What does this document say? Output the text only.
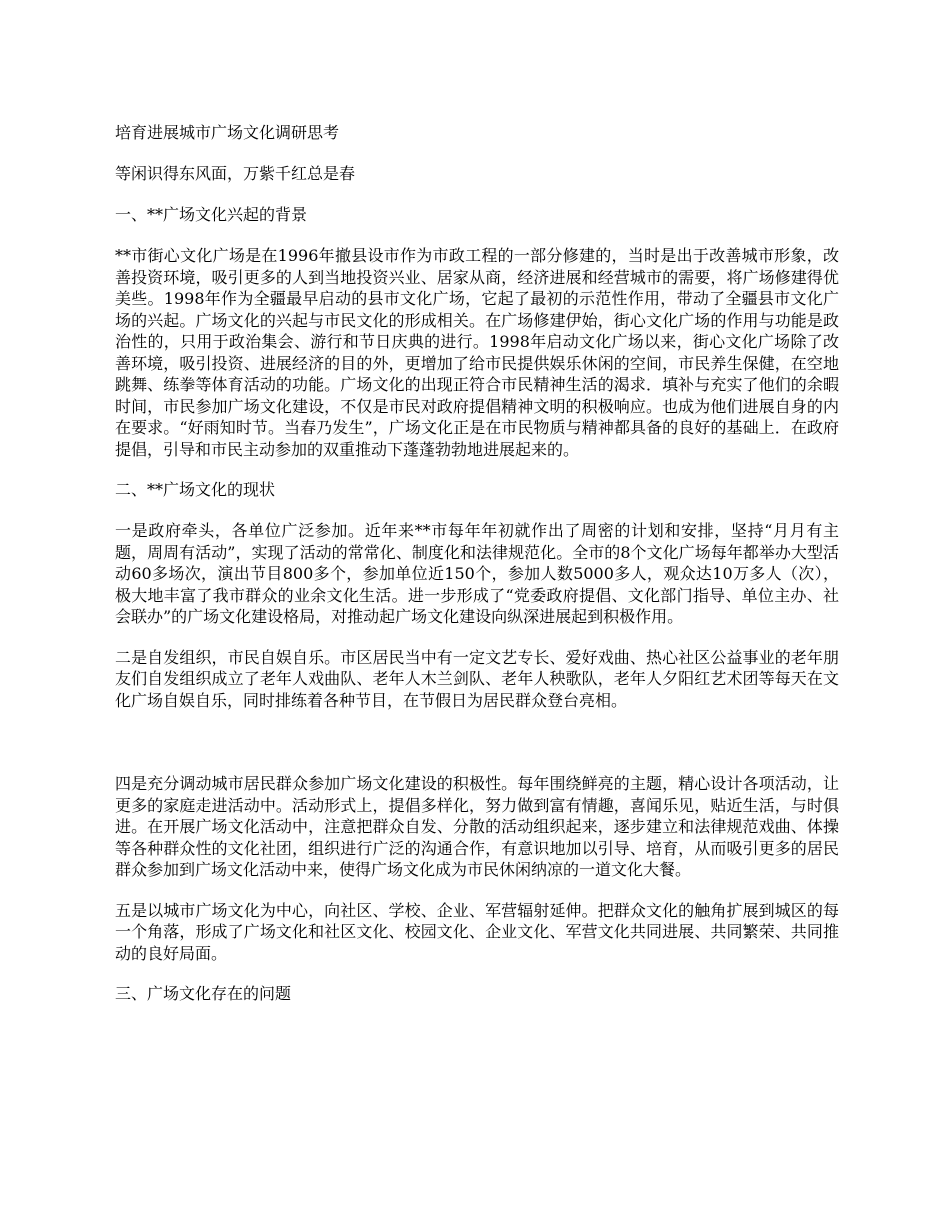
培育进展城市广场文化调研思考

等闲识得东风面，万紫千红总是春

一、**广场文化兴起的背景

**市街心文化广场是在1996年撤县设市作为市政工程的一部分修建的，当时是出于改善城市形象，改善投资环境，吸引更多的人到当地投资兴业、居家从商，经济进展和经营城市的需要，将广场修建得优美些。1998年作为全疆最早启动的县市文化广场，它起了最初的示范性作用，带动了全疆县市文化广场的兴起。广场文化的兴起与市民文化的形成相关。在广场修建伊始，街心文化广场的作用与功能是政治性的，只用于政治集会、游行和节日庆典的进行。1998年启动文化广场以来，街心文化广场除了改善环境，吸引投资、进展经济的目的外，更增加了给市民提供娱乐休闲的空间，市民养生保健，在空地跳舞、练拳等体育活动的功能。广场文化的出现正符合市民精神生活的渴求．填补与充实了他们的余暇时间，市民参加广场文化建设，不仅是市民对政府提倡精神文明的积极响应。也成为他们进展自身的内在要求。“好雨知时节。当春乃发生”，广场文化正是在市民物质与精神都具备的良好的基础上．在政府提倡，引导和市民主动参加的双重推动下蓬蓬勃勃地进展起来的。

二、**广场文化的现状

一是政府牵头，各单位广泛参加。近年来**市每年年初就作出了周密的计划和安排，坚持“月月有主题，周周有活动”，实现了活动的常常化、制度化和法律规范化。全市的8个文化广场每年都举办大型活动60多场次，演出节目800多个，参加单位近150个，参加人数5000多人，观众达10万多人（次），极大地丰富了我市群众的业余文化生活。进一步形成了“党委政府提倡、文化部门指导、单位主办、社会联办”的广场文化建设格局，对推动起广场文化建设向纵深进展起到积极作用。

二是自发组织，市民自娱自乐。市区居民当中有一定文艺专长、爱好戏曲、热心社区公益事业的老年朋友们自发组织成立了老年人戏曲队、老年人木兰剑队、老年人秧歌队，老年人夕阳红艺术团等每天在文化广场自娱自乐，同时排练着各种节目，在节假日为居民群众登台亮相。

四是充分调动城市居民群众参加广场文化建设的积极性。每年围绕鲜亮的主题，精心设计各项活动，让更多的家庭走进活动中。活动形式上，提倡多样化，努力做到富有情趣，喜闻乐见，贴近生活，与时俱进。在开展广场文化活动中，注意把群众自发、分散的活动组织起来，逐步建立和法律规范戏曲、体操等各种群众性的文化社团，组织进行广泛的沟通合作，有意识地加以引导、培育，从而吸引更多的居民群众参加到广场文化活动中来，使得广场文化成为市民休闲纳凉的一道文化大餐。

五是以城市广场文化为中心，向社区、学校、企业、军营辐射延伸。把群众文化的触角扩展到城区的每一个角落，形成了广场文化和社区文化、校园文化、企业文化、军营文化共同进展、共同繁荣、共同推动的良好局面。

三、广场文化存在的问题
